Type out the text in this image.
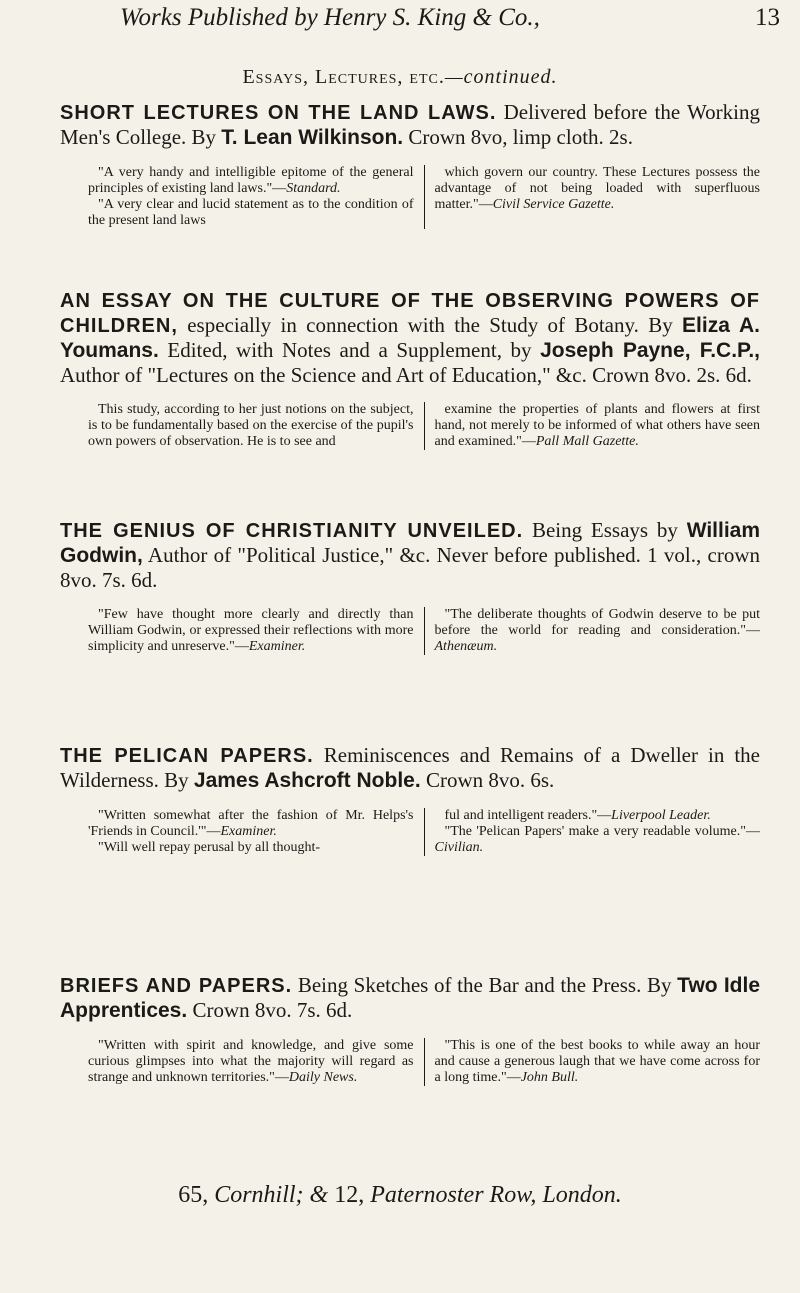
Works Published by Henry S. King & Co.,	13
Essays, Lectures, etc.—continued.

SHORT LECTURES ON THE LAND LAWS. Delivered before the Working Men's College. By T. Lean Wilkinson. Crown 8vo, limp cloth. 2s.

"A very handy and intelligible epitome of the general principles of existing land laws."—Standard.

"A very clear and lucid statement as to the condition of the present land laws

which govern our country. These Lectures possess the advantage of not being loaded with superfluous matter."—Civil Service Gazette.

AN ESSAY ON THE CULTURE OF THE OBSERVING POWERS OF CHILDREN, especially in connection with the Study of Botany. By Eliza A. Youmans. Edited, with Notes and a Supplement, by Joseph Payne, F.C.P., Author of "Lectures on the Science and Art of Education," &c. Crown 8vo. 2s. 6d.

This study, according to her just notions on the subject, is to be fundamentally based on the exercise of the pupil's own powers of observation. He is to see and

examine the properties of plants and flowers at first hand, not merely to be informed of what others have seen and examined."—Pall Mall Gazette.

THE GENIUS OF CHRISTIANITY UNVEILED. Being Essays by William Godwin, Author of "Political Justice," &c. Never before published. 1 vol., crown 8vo. 7s. 6d.

"Few have thought more clearly and directly than William Godwin, or expressed their reflections with more simplicity and unreserve."—Examiner.

"The deliberate thoughts of Godwin deserve to be put before the world for reading and consideration."—Athenæum.

THE PELICAN PAPERS. Reminiscences and Remains of a Dweller in the Wilderness. By James Ashcroft Noble. Crown 8vo. 6s.

"Written somewhat after the fashion of Mr. Helps's 'Friends in Council.'"—Examiner.

"Will well repay perusal by all thought-

ful and intelligent readers."—Liverpool Leader.

"The 'Pelican Papers' make a very readable volume."—Civilian.

BRIEFS AND PAPERS. Being Sketches of the Bar and the Press. By Two Idle Apprentices. Crown 8vo. 7s. 6d.

"Written with spirit and knowledge, and give some curious glimpses into what the majority will regard as strange and unknown territories."—Daily News.

"This is one of the best books to while away an hour and cause a generous laugh that we have come across for a long time."—John Bull.

65, Cornhill; & 12, Paternoster Row, London.
